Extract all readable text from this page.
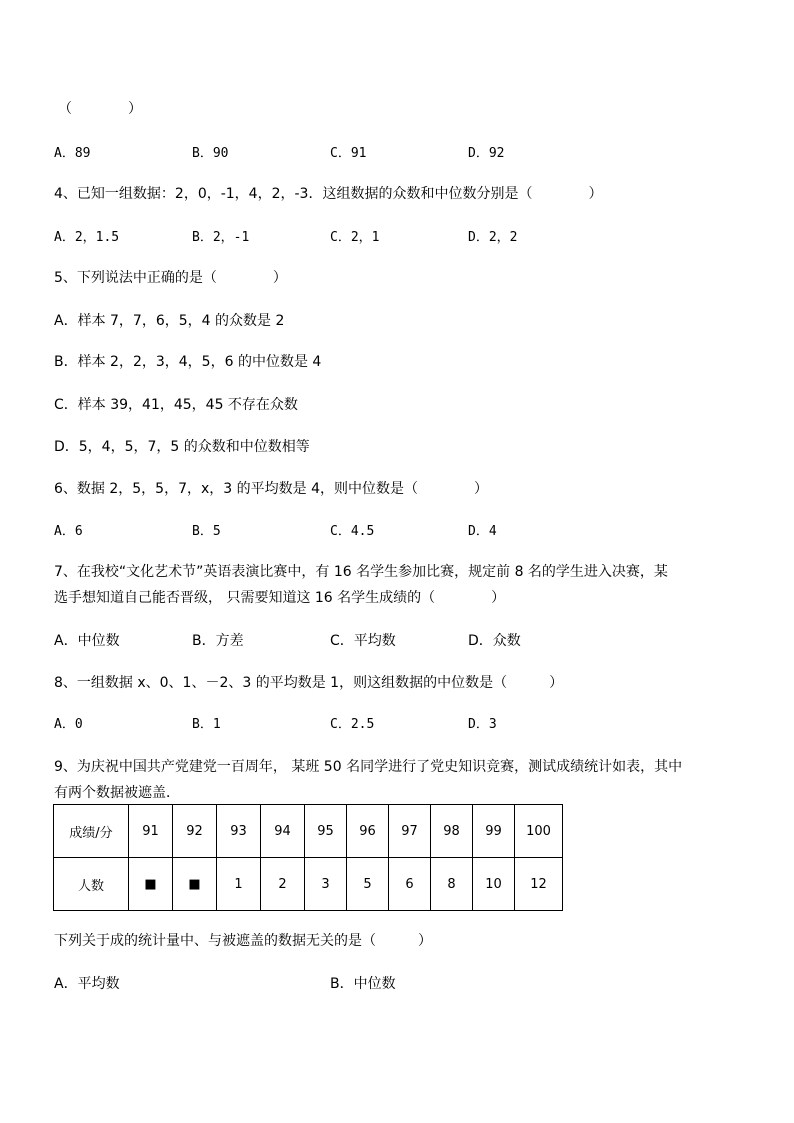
（　　　　）
A．89	B．90	C．91	D．92
4、已知一组数据：2，0，-1，4，2，-3．这组数据的众数和中位数分别是（　　　　）
A．2，1.5	B．2，-1	C．2，1	D．2，2
5、下列说法中正确的是（　　　　）
A．样本 7，7，6，5，4 的众数是 2
B．样本 2，2，3，4，5，6 的中位数是 4
C．样本 39，41，45，45 不存在众数
D．5，4，5，7，5 的众数和中位数相等
6、数据 2，5，5，7，x，3 的平均数是 4，则中位数是（　　　　）
A．6	B．5	C．4.5	D．4
7、在我校“文化艺术节”英语表演比赛中，有 16 名学生参加比赛，规定前 8 名的学生进入决赛，某
选手想知道自己能否晋级， 只需要知道这 16 名学生成绩的（　　　　）
A．中位数	B．方差	C．平均数	D．众数
8、一组数据 x、0、1、－2、3 的平均数是 1，则这组数据的中位数是（　　　）
A．0	B．1	C．2.5	D．3
9、为庆祝中国共产党建党一百周年， 某班 50 名同学进行了党史知识竞赛，测试成绩统计如表，其中
有两个数据被遮盖．
成绩/分	91	92	93	94	95	96	97	98	99	100
人数	■	■	1	2	3	5	6	8	10	12
下列关于成的统计量中、与被遮盖的数据无关的是（　　　）
A．平均数	B．中位数
